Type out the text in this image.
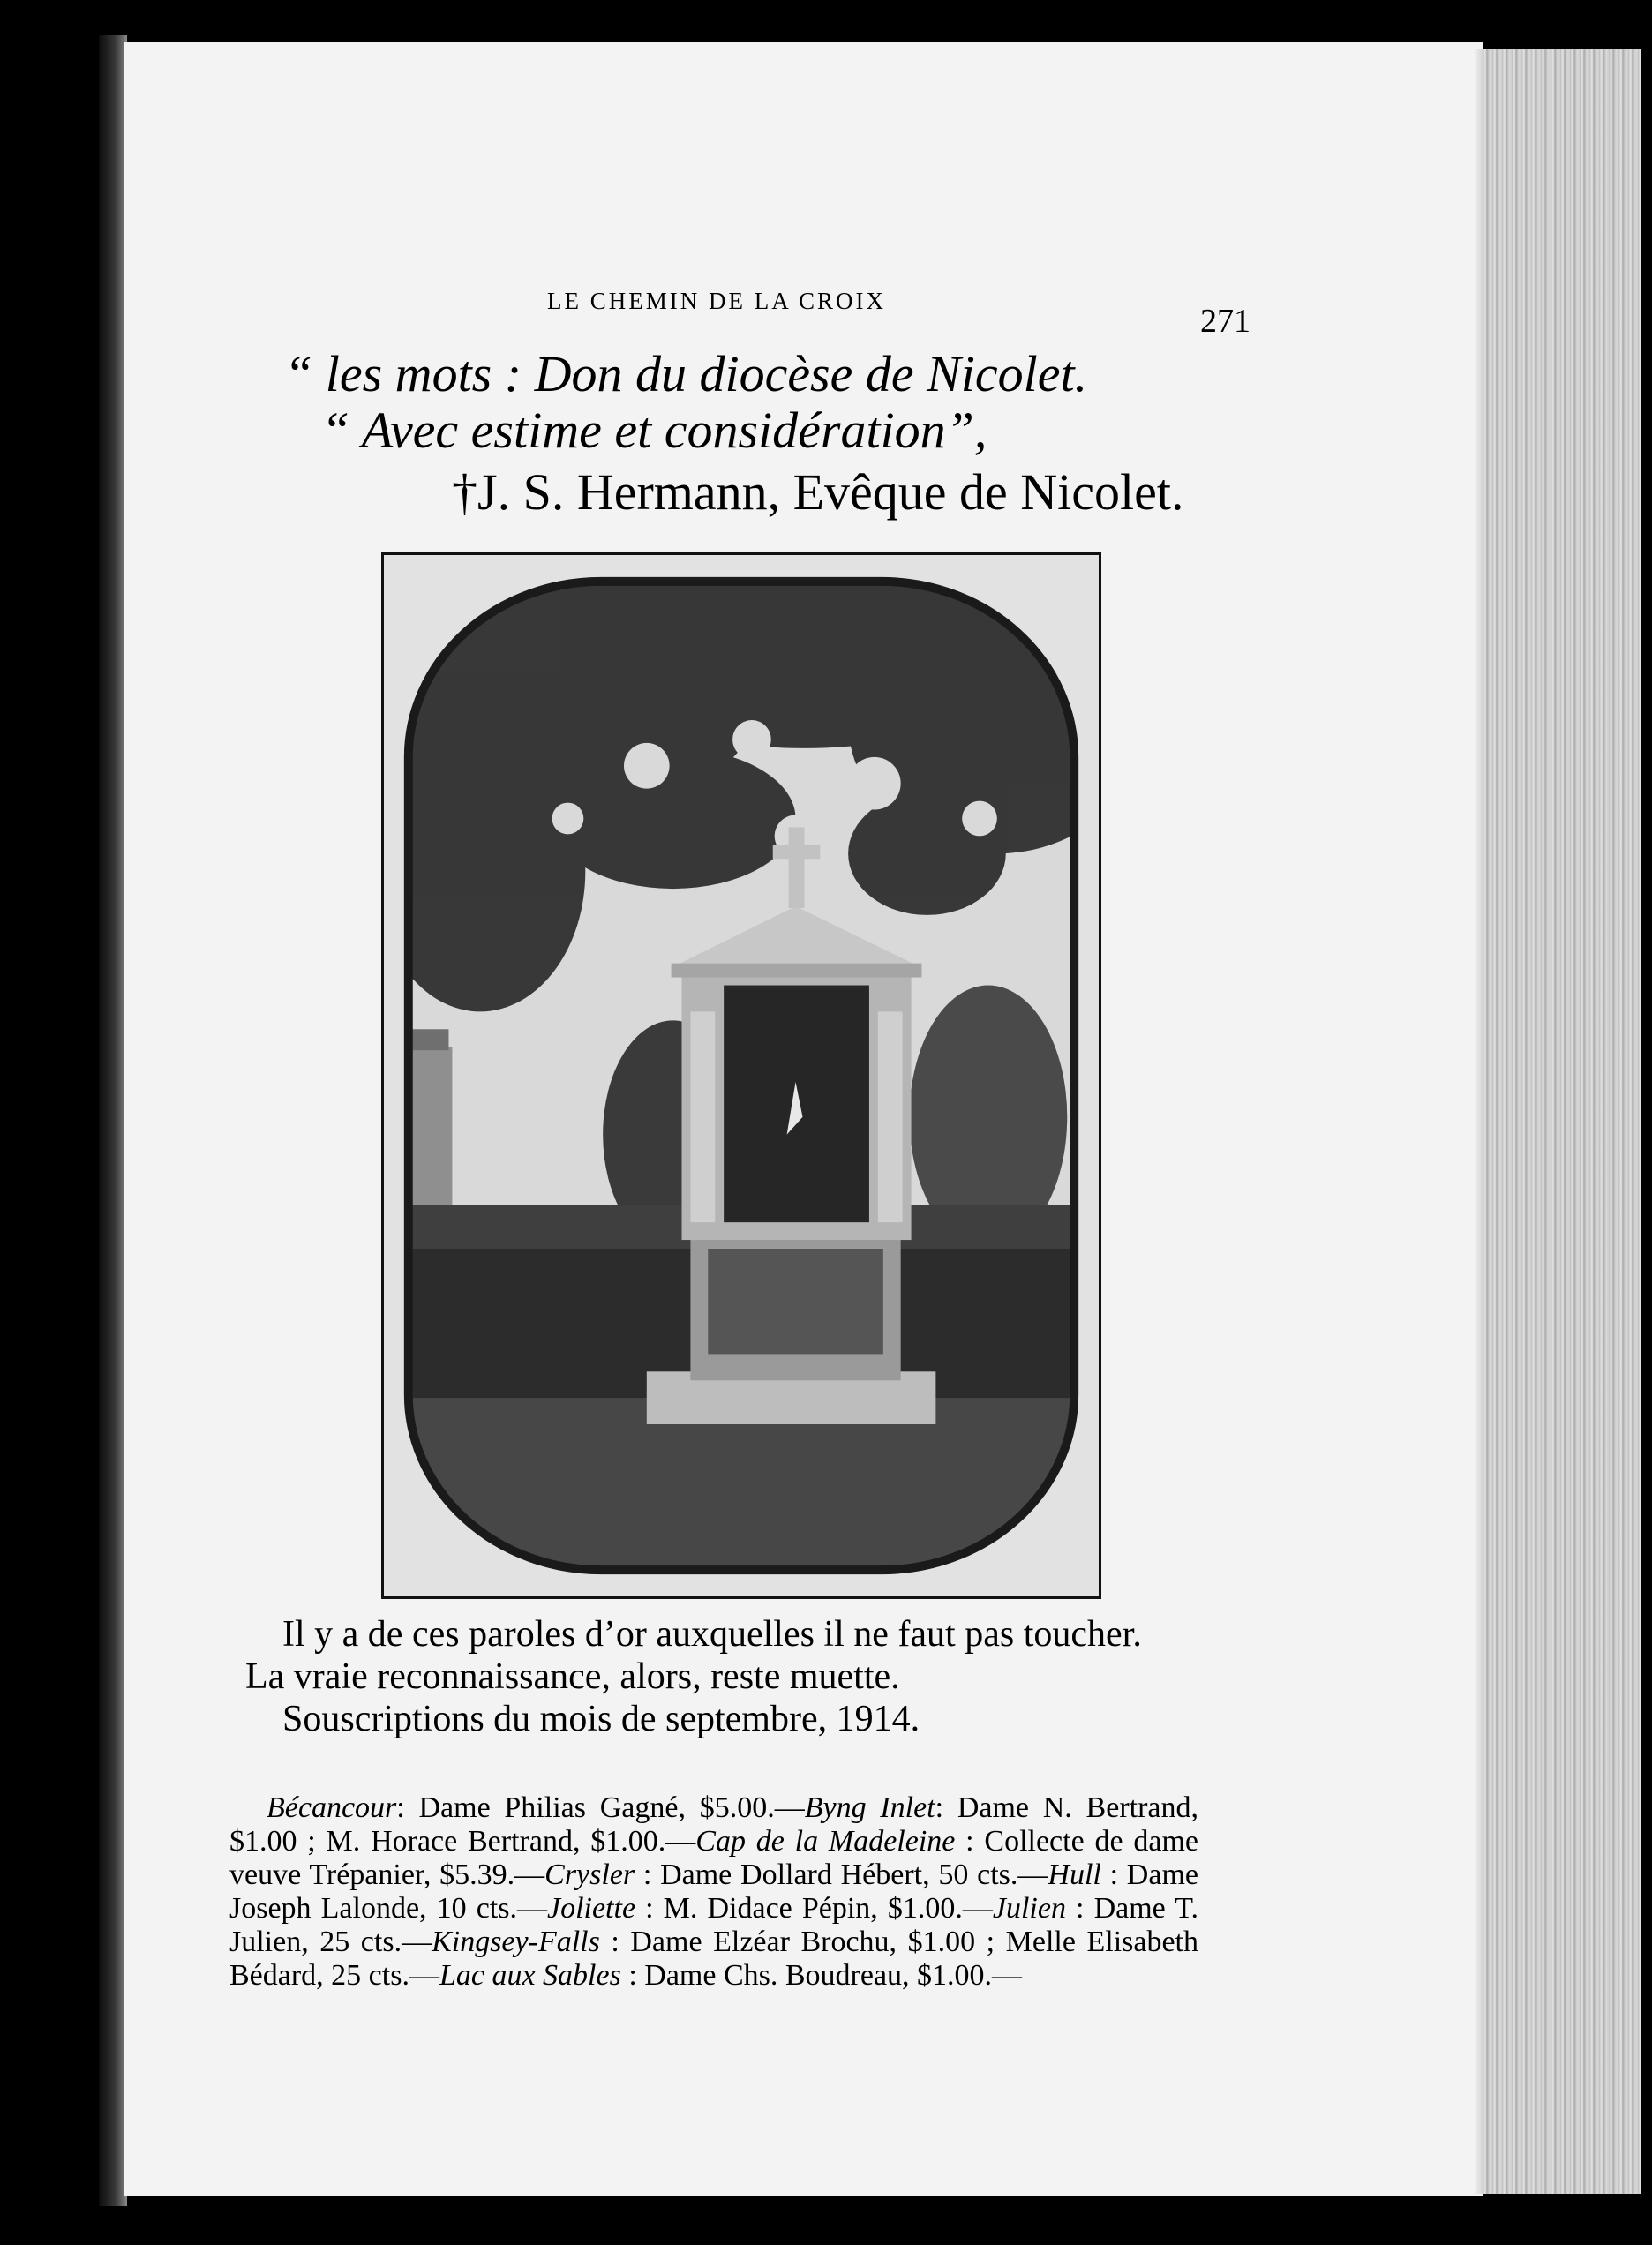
LE CHEMIN DE LA CROIX
271
“ les mots : Don du diocèse de Nicolet.
“ Avec estime et considération”,
†J. S. Hermann, Evêque de Nicolet.
Il y a de ces paroles d’or auxquelles il ne faut pas toucher.
La vraie reconnaissance, alors, reste muette.
Souscriptions du mois de septembre, 1914.
Bécancour: Dame Philias Gagné, $5.00.—Byng Inlet: Dame N. Bertrand, $1.00 ; M. Horace Bertrand, $1.00.—Cap de la Madeleine : Collecte de dame veuve Trépanier, $5.39.—Crysler : Dame Dollard Hébert, 50 cts.—Hull : Dame Joseph Lalonde, 10 cts.—Joliette : M. Didace Pépin, $1.00.—Julien : Dame T. Julien, 25 cts.—Kingsey-Falls : Dame Elzéar Brochu, $1.00 ; Melle Elisabeth Bédard, 25 cts.—Lac aux Sables : Dame Chs. Boudreau, $1.00.—
